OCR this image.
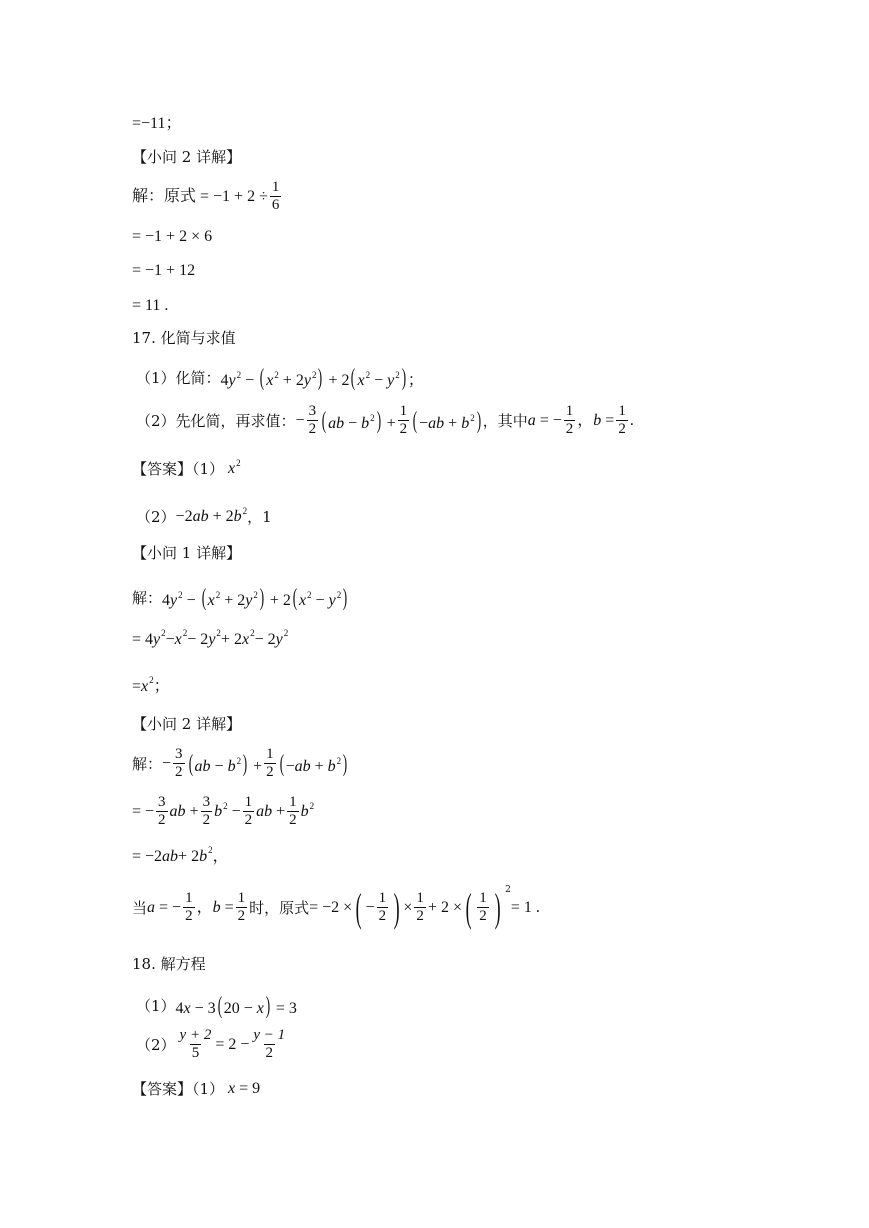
=−11；
【小问 2 详解】
解：原式 = $-1 + 2 \div \frac{1}{6}$
= −1 + 2 × 6
= −1 + 12
= 11 .
17. 化简与求值
（1）化简： $4y^2$ − ( $x^2 + 2y^2) + 2$( $x^2 - y^2$) ；
（2）先化简，再求值： − $\frac{3}{2}$ ( ab − $b^2) + \frac{1}{2}$ ( $-ab + b^2$) ，其中 a = − $\frac{1}{2}$ ，$b = \frac{1}{2}$ .
【答案】（1） $x^2$
$(2) -2ab + 2b^2$ ，1
【小问 1 详解】
解： $4y^2$ − ( $x^2 + 2y^2) + 2$( $x^2 - y^2$)
= 4 $y^2 - x^2 - 2$ $y^2 + 2$ $x^2 - 2$ $y^2$
= $x^2$ ；
【小问 2 详解】
解： − $\frac{3}{2}$ ( ab − $b^2) + \frac{1}{2}$ ( $-ab + b^2$)
= − $\frac{3}{2}$ ab + $\frac{3}{2} b^2 - \frac{1}{2}$ ab + $\frac{1}{2} b^2$
= −2 ab + 2 $b^2$ ，
当 a = − $\frac{1}{2}$ ，$b = \frac{1}{2}$ 时，原式 = −2 × ( − $\frac{1}{2}$ ) × $\frac{1}{2} + 2$ × ( $\frac{1}{2}$ ) $^2$
= 1 .
18. 解方程
（1） 4x − 3( 20 − x) = 3
$(2) \frac{y + 2}{5} = 2 - \frac{y - 1}{2}$
【答案】（1） x = 9
